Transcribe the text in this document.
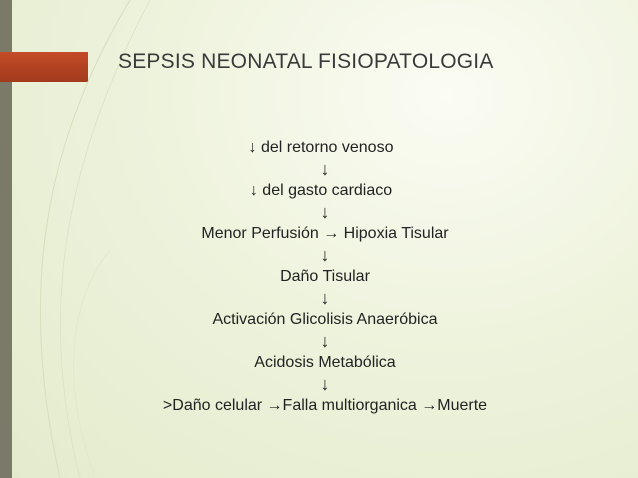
SEPSIS NEONATAL FISIOPATOLOGIA
↓ del retorno venoso
↓
↓ del gasto cardiaco
↓
Menor Perfusión → Hipoxia Tisular
↓
Daño Tisular
↓
Activación Glicolisis Anaeróbica
↓
Acidosis Metabólica
↓
>Daño celular →Falla multiorganica →Muerte
